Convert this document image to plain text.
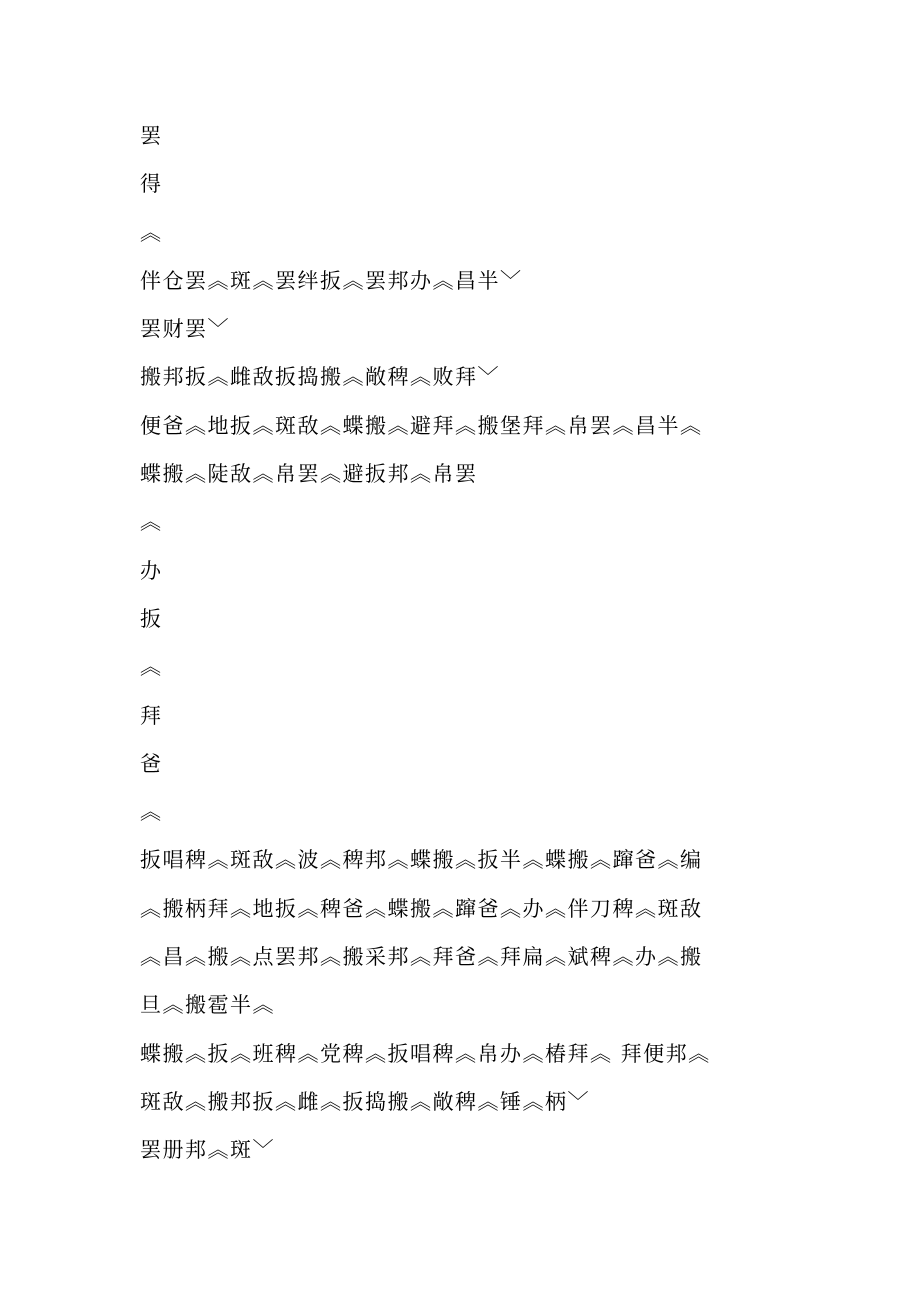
罢
得
︽
伴仓罢︽斑︽罢绊扳︽罢邦办︽昌半﹀
罢财罢﹀
搬邦扳︽雌敌扳捣搬︽敞稗︽败拜﹀
便爸︽地扳︽斑敌︽蝶搬︽避拜︽搬堡拜︽帛罢︽昌半︽
蝶搬︽陡敌︽帛罢︽避扳邦︽帛罢
︽
办
扳
︽
拜
爸
︽
扳唱稗︽斑敌︽波︽稗邦︽蝶搬︽扳半︽蝶搬︽蹿爸︽编
︽搬柄拜︽地扳︽稗爸︽蝶搬︽蹿爸︽办︽伴刀稗︽斑敌
︽昌︽搬︽点罢邦︽搬采邦︽拜爸︽拜扁︽斌稗︽办︽搬
旦︽搬雹半︽
蝶搬︽扳︽班稗︽党稗︽扳唱稗︽帛办︽椿拜︽ 拜便邦︽
斑敌︽搬邦扳︽雌︽扳捣搬︽敞稗︽锤︽柄﹀
罢册邦︽斑﹀
